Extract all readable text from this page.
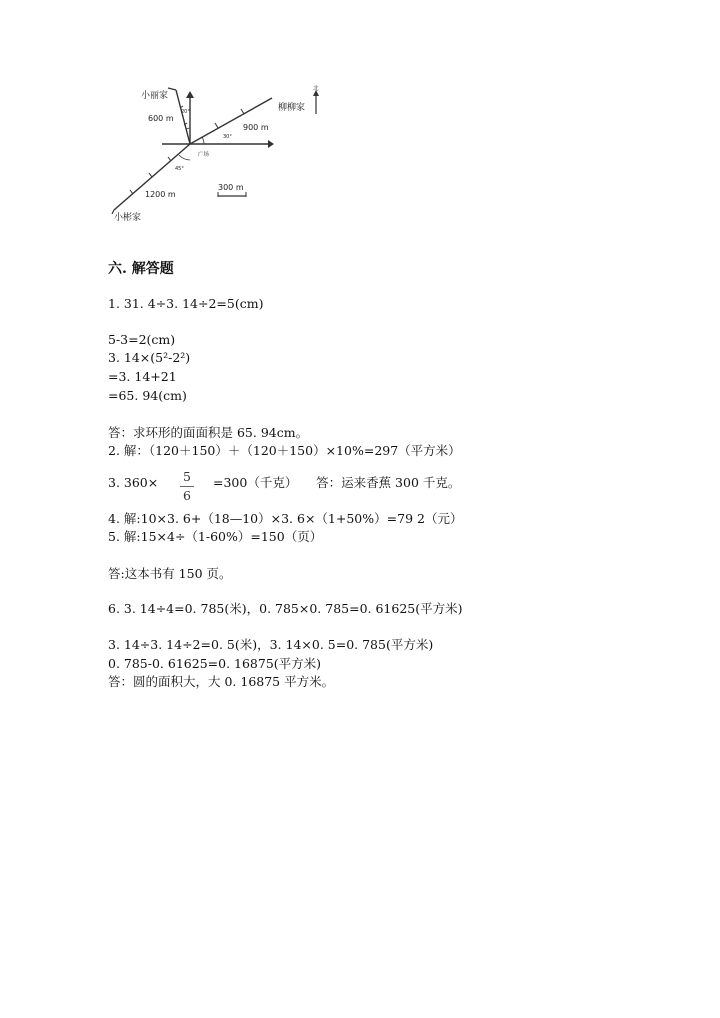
小丽家
柳柳家
小彬家
广场
北
600 m
900 m
1200 m
20°
30°
45°
300 m
六. 解答题
1. 31. 4÷3. 14÷2=5(cm)
5-3=2(cm)
3. 14×(5²-2²)
=3. 14+21
=65. 94(cm)
答：求环形的面面积是 65. 94cm。
2. 解：（120＋150）＋（120＋150）×10%=297（平方米）
3. 360× 5
6
=300（千克）　　答：运来香蕉 300 千克。
4. 解:10×3. 6+（18—10）×3. 6×（1+50%）=79 2（元）
5. 解:15×4÷（1-60%）=150（页）
答:这本书有 150 页。
6. 3. 14÷4=0. 785(米)，0. 785×0. 785=0. 61625(平方米)
3. 14÷3. 14÷2=0. 5(米)，3. 14×0. 5=0. 785(平方米)
0. 785-0. 61625=0. 16875(平方米)
答：圆的面积大，大 0. 16875 平方米。
